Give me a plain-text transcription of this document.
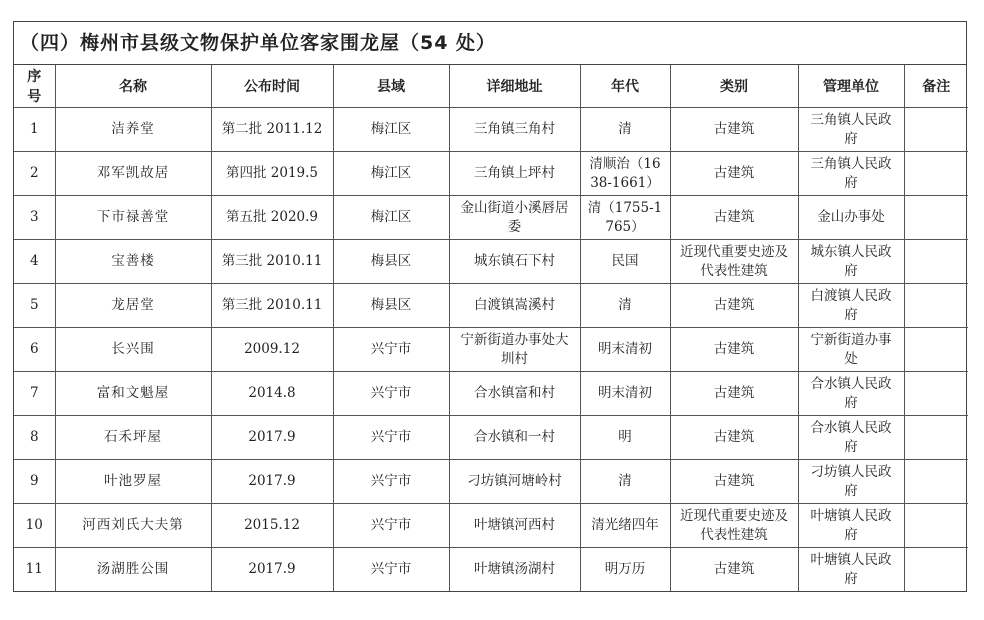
（四）梅州市县级文物保护单位客家围龙屋（54 处）
序号	名称	公布时间	县域	详细地址	年代	类别	管理单位	备注
1	洁养堂	第二批 2011.12	梅江区	三角镇三角村	清	古建筑	三角镇人民政府	
2	邓军凯故居	第四批 2019.5	梅江区	三角镇上坪村	清顺治（1638-1661）	古建筑	三角镇人民政府	
3	下市禄善堂	第五批 2020.9	梅江区	金山街道小溪唇居委	清（1755-1765）	古建筑	金山办事处	
4	宝善楼	第三批 2010.11	梅县区	城东镇石下村	民国	近现代重要史迹及代表性建筑	城东镇人民政府	
5	龙居堂	第三批 2010.11	梅县区	白渡镇嵩溪村	清	古建筑	白渡镇人民政府	
6	长兴围	2009.12	兴宁市	宁新街道办事处大圳村	明末清初	古建筑	宁新街道办事处	
7	富和文魁屋	2014.8	兴宁市	合水镇富和村	明末清初	古建筑	合水镇人民政府	
8	石禾坪屋	2017.9	兴宁市	合水镇和一村	明	古建筑	合水镇人民政府	
9	叶池罗屋	2017.9	兴宁市	刁坊镇河塘岭村	清	古建筑	刁坊镇人民政府	
10	河西刘氏大夫第	2015.12	兴宁市	叶塘镇河西村	清光绪四年	近现代重要史迹及代表性建筑	叶塘镇人民政府	
11	汤湖胜公围	2017.9	兴宁市	叶塘镇汤湖村	明万历	古建筑	叶塘镇人民政府	
